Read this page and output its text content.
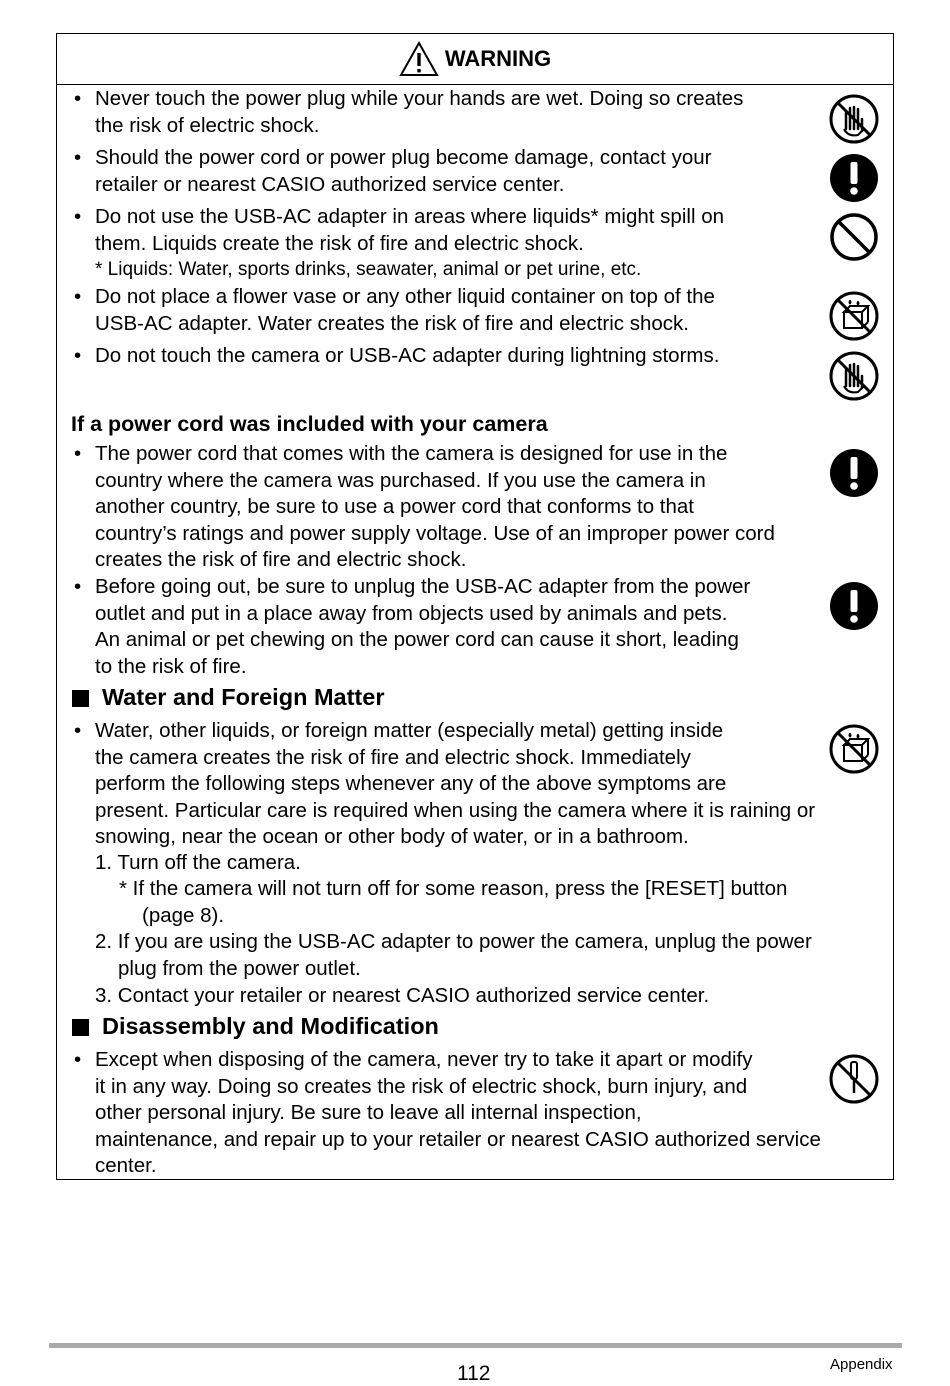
WARNING
• Never touch the power plug while your hands are wet. Doing so creates
the risk of electric shock.
• Should the power cord or power plug become damage, contact your
retailer or nearest CASIO authorized service center.
• Do not use the USB-AC adapter in areas where liquids* might spill on
them. Liquids create the risk of fire and electric shock.
* Liquids: Water, sports drinks, seawater, animal or pet urine, etc.
• Do not place a flower vase or any other liquid container on top of the
USB-AC adapter. Water creates the risk of fire and electric shock.
• Do not touch the camera or USB-AC adapter during lightning storms.
If a power cord was included with your camera
• The power cord that comes with the camera is designed for use in the
country where the camera was purchased. If you use the camera in
another country, be sure to use a power cord that conforms to that
country’s ratings and power supply voltage. Use of an improper power cord
creates the risk of fire and electric shock.
• Before going out, be sure to unplug the USB-AC adapter from the power
outlet and put in a place away from objects used by animals and pets.
An animal or pet chewing on the power cord can cause it short, leading
to the risk of fire.
Water and Foreign Matter
• Water, other liquids, or foreign matter (especially metal) getting inside
the camera creates the risk of fire and electric shock. Immediately
perform the following steps whenever any of the above symptoms are
present. Particular care is required when using the camera where it is raining or
snowing, near the ocean or other body of water, or in a bathroom.
1. Turn off the camera.
* If the camera will not turn off for some reason, press the [RESET] button
(page 8).
2. If you are using the USB-AC adapter to power the camera, unplug the power
plug from the power outlet.
3. Contact your retailer or nearest CASIO authorized service center.
Disassembly and Modification
• Except when disposing of the camera, never try to take it apart or modify
it in any way. Doing so creates the risk of electric shock, burn injury, and
other personal injury. Be sure to leave all internal inspection,
maintenance, and repair up to your retailer or nearest CASIO authorized service
center.
112	Appendix
